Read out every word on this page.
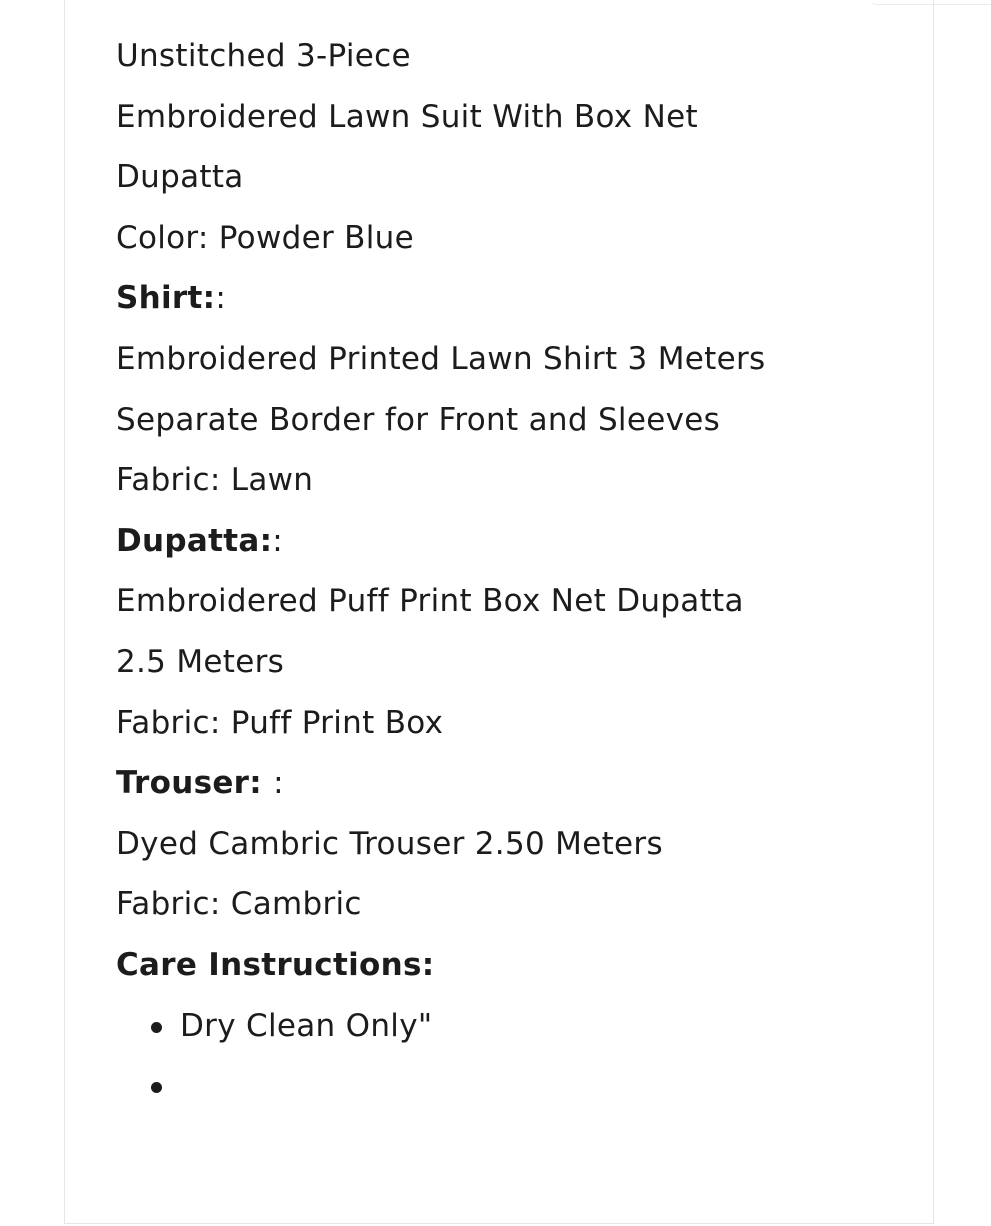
Unstitched 3-Piece
Embroidered Lawn Suit With Box Net
Dupatta
Color: Powder Blue
Shirt::
Embroidered Printed Lawn Shirt 3 Meters
Separate Border for Front and Sleeves
Fabric: Lawn
Dupatta::
Embroidered Puff Print Box Net Dupatta
2.5 Meters
Fabric: Puff Print Box
Trouser: :
Dyed Cambric Trouser 2.50 Meters
Fabric: Cambric
Care Instructions:
Dry Clean Only"
